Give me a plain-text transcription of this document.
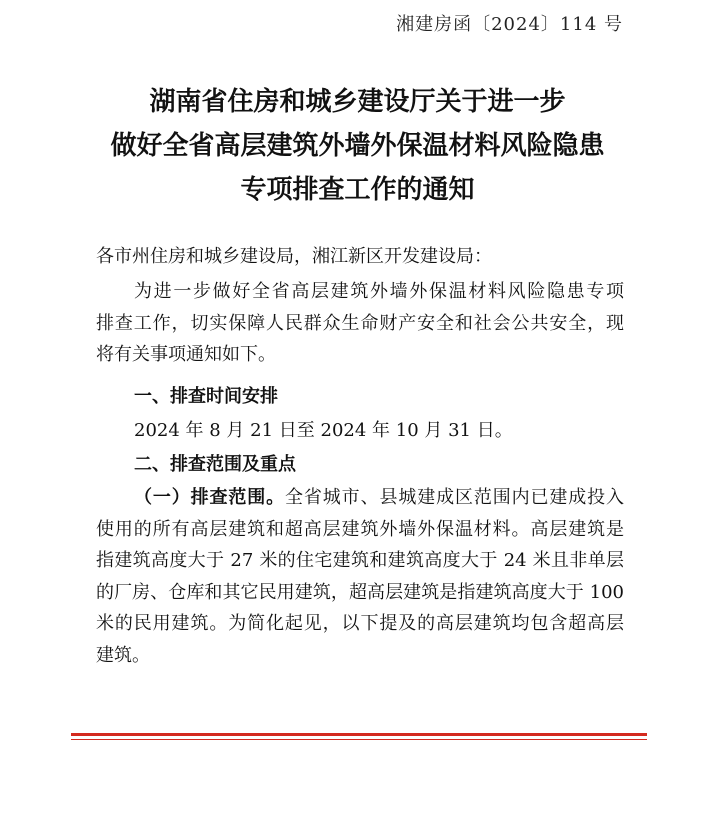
湘建房函〔2024〕114 号
湖南省住房和城乡建设厅关于进一步
做好全省高层建筑外墙外保温材料风险隐患
专项排查工作的通知
各市州住房和城乡建设局，湘江新区开发建设局：
为进一步做好全省高层建筑外墙外保温材料风险隐患专项
排查工作，切实保障人民群众生命财产安全和社会公共安全，现
将有关事项通知如下。
一、排查时间安排
2024 年 8 月 21 日至 2024 年 10 月 31 日。
二、排查范围及重点
（一）排查范围。全省城市、县城建成区范围内已建成投入
使用的所有高层建筑和超高层建筑外墙外保温材料。高层建筑是
指建筑高度大于 27 米的住宅建筑和建筑高度大于 24 米且非单层
的厂房、仓库和其它民用建筑，超高层建筑是指建筑高度大于 100
米的民用建筑。为简化起见，以下提及的高层建筑均包含超高层
建筑。
